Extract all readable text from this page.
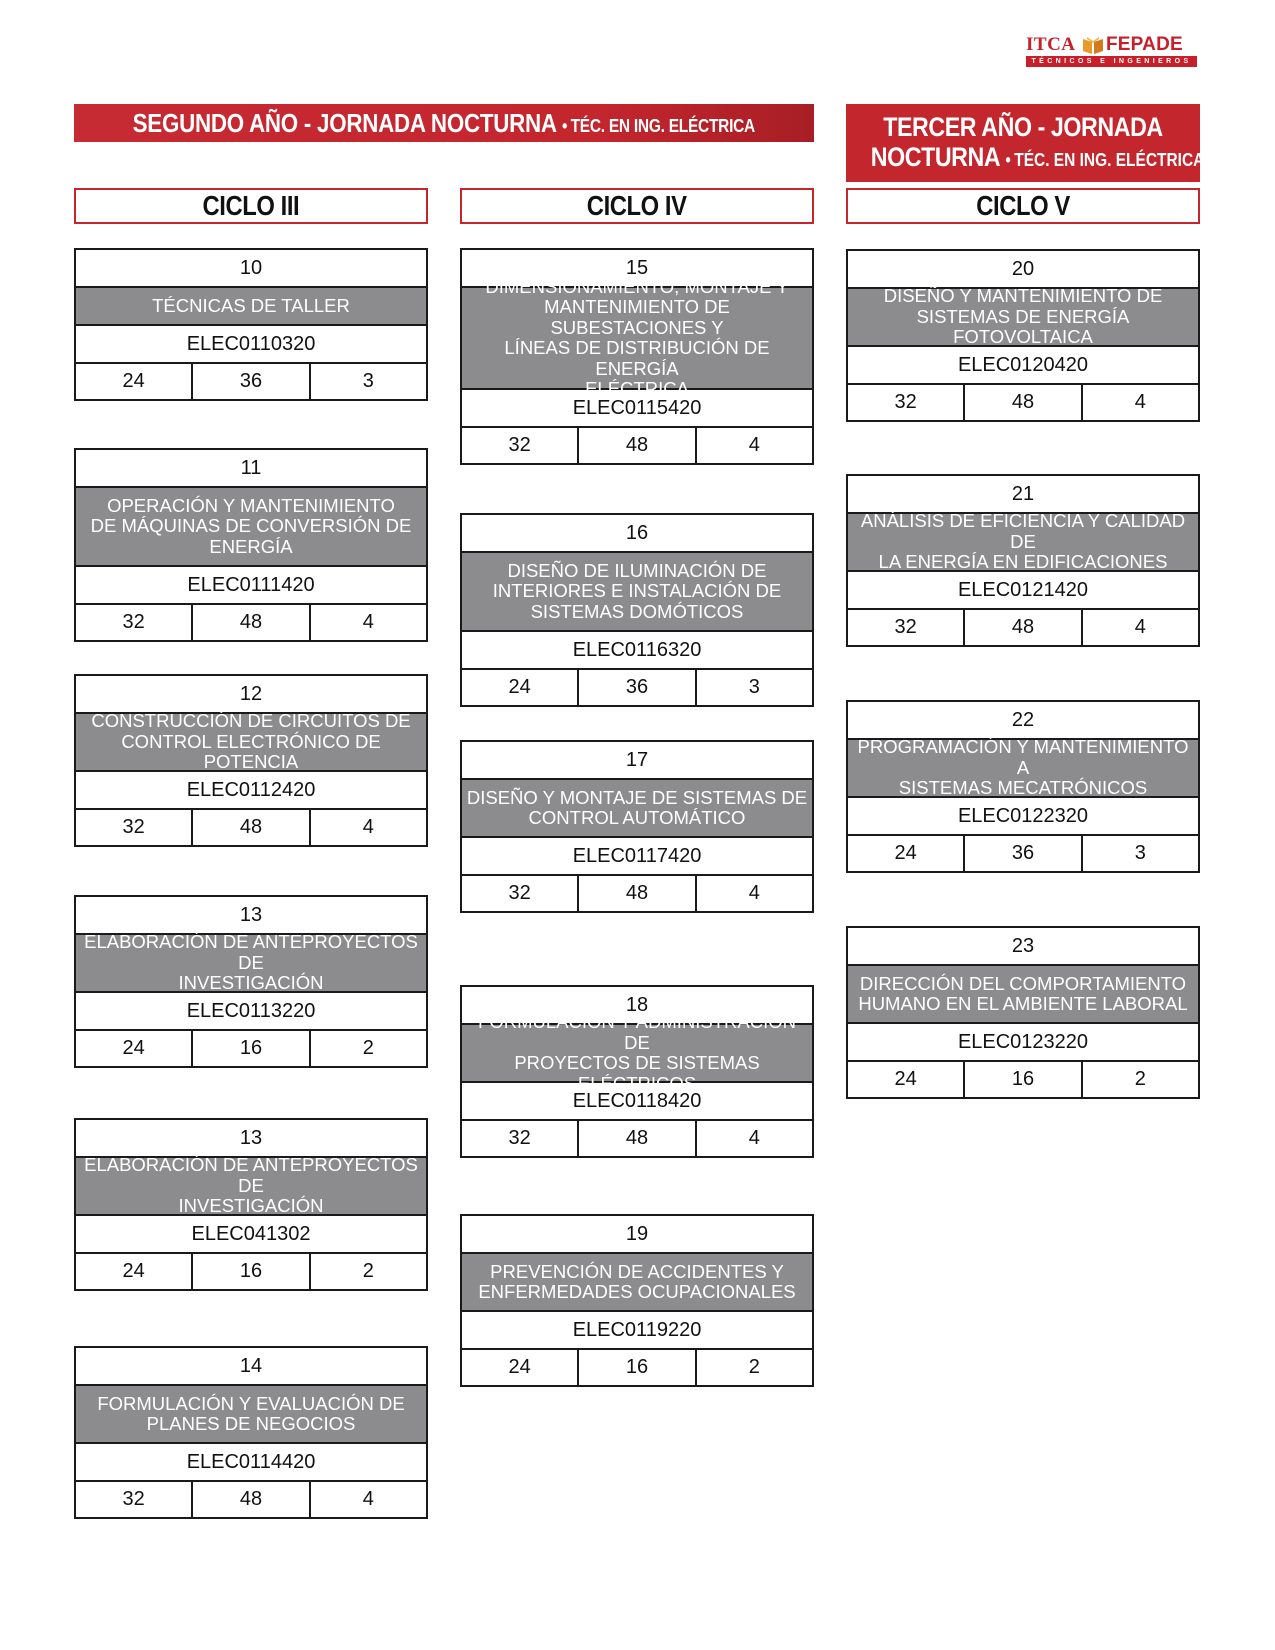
ITCA FEPADE
TÉCNICOS E INGENIEROS
SEGUNDO AÑO - JORNADA NOCTURNA • TÉC. EN ING. ELÉCTRICA	TERCER AÑO - JORNADA
NOCTURNA • TÉC. EN ING. ELÉCTRICA
CICLO III	CICLO IV	CICLO V
10
TÉCNICAS DE TALLER
ELEC0110320
24	36	3
11
OPERACIÓN Y MANTENIMIENTO
DE MÁQUINAS DE CONVERSIÓN DE
ENERGÍA
ELEC0111420
32	48	4
12
CONSTRUCCIÓN DE CIRCUITOS DE
CONTROL ELECTRÓNICO DE POTENCIA
ELEC0112420
32	48	4
13
ELABORACIÓN DE ANTEPROYECTOS DE
INVESTIGACIÓN
ELEC0113220
24	16	2
13
ELABORACIÓN DE ANTEPROYECTOS DE
INVESTIGACIÓN
ELEC041302
24	16	2
14
FORMULACIÓN Y EVALUACIÓN DE
PLANES DE NEGOCIOS
ELEC0114420
32	48	4
15
DIMENSIONAMIENTO, MONTAJE Y
MANTENIMIENTO DE SUBESTACIONES Y
LÍNEAS DE DISTRIBUCIÓN DE ENERGÍA
ELÉCTRICA
ELEC0115420
32	48	4
16
DISEÑO DE ILUMINACIÓN DE
INTERIORES E INSTALACIÓN DE
SISTEMAS DOMÓTICOS
ELEC0116320
24	36	3
17
DISEÑO Y MONTAJE DE SISTEMAS DE
CONTROL AUTOMÁTICO
ELEC0117420
32	48	4
18
FORMULACIÓN Y ADMINISTRACIÓN DE
PROYECTOS DE SISTEMAS ELÉCTRICOS
ELEC0118420
32	48	4
19
PREVENCIÓN DE ACCIDENTES Y
ENFERMEDADES OCUPACIONALES
ELEC0119220
24	16	2
20
DISEÑO Y MANTENIMIENTO DE
SISTEMAS DE ENERGÍA FOTOVOLTAICA
ELEC0120420
32	48	4
21
ANÁLISIS DE EFICIENCIA Y CALIDAD DE
LA ENERGÍA EN EDIFICACIONES
ELEC0121420
32	48	4
22
PROGRAMACIÓN Y MANTENIMIENTO A
SISTEMAS MECATRÓNICOS
ELEC0122320
24	36	3
23
DIRECCIÓN DEL COMPORTAMIENTO
HUMANO EN EL AMBIENTE LABORAL
ELEC0123220
24	16	2
